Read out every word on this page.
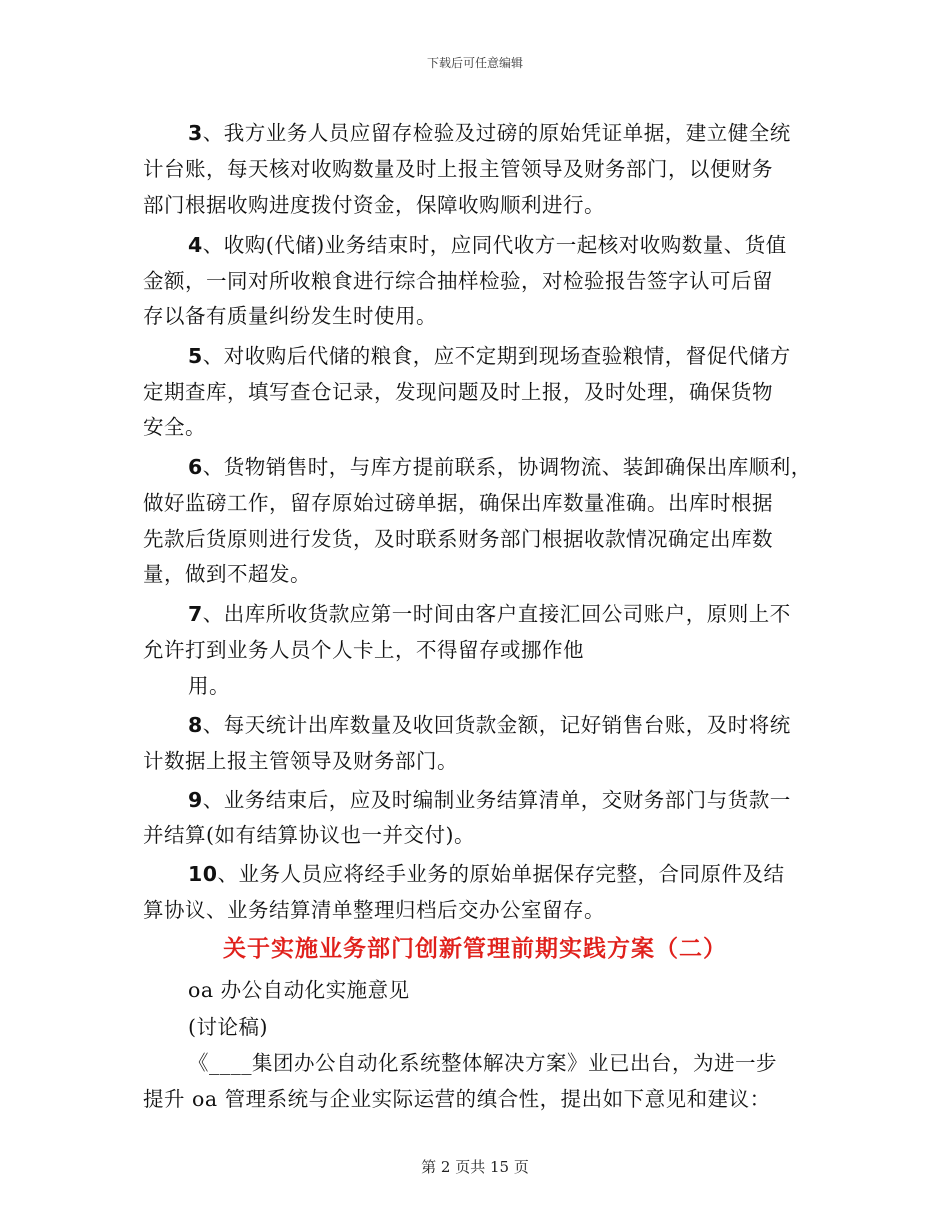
下载后可任意编辑
3、我方业务人员应留存检验及过磅的原始凭证单据，建立健全统
计台账，每天核对收购数量及时上报主管领导及财务部门，以便财务
部门根据收购进度拨付资金，保障收购顺利进行。
4、收购(代储)业务结束时，应同代收方一起核对收购数量、货值
金额，一同对所收粮食进行综合抽样检验，对检验报告签字认可后留
存以备有质量纠纷发生时使用。
5、对收购后代储的粮食，应不定期到现场查验粮情，督促代储方
定期查库，填写查仓记录，发现问题及时上报，及时处理，确保货物
安全。
6、货物销售时，与库方提前联系，协调物流、装卸确保出库顺利，
做好监磅工作，留存原始过磅单据，确保出库数量准确。出库时根据
先款后货原则进行发货，及时联系财务部门根据收款情况确定出库数
量，做到不超发。
7、出库所收货款应第一时间由客户直接汇回公司账户，原则上不
允许打到业务人员个人卡上，不得留存或挪作他
用。
8、每天统计出库数量及收回货款金额，记好销售台账，及时将统
计数据上报主管领导及财务部门。
9、业务结束后，应及时编制业务结算清单，交财务部门与货款一
并结算(如有结算协议也一并交付)。
10、业务人员应将经手业务的原始单据保存完整，合同原件及结
算协议、业务结算清单整理归档后交办公室留存。
关于实施业务部门创新管理前期实践方案（二）
oa 办公自动化实施意见
(讨论稿)
《____集团办公自动化系统整体解决方案》业已出台，为进一步
提升 oa 管理系统与企业实际运营的缜合性，提出如下意见和建议：
第 2 页共 15 页
